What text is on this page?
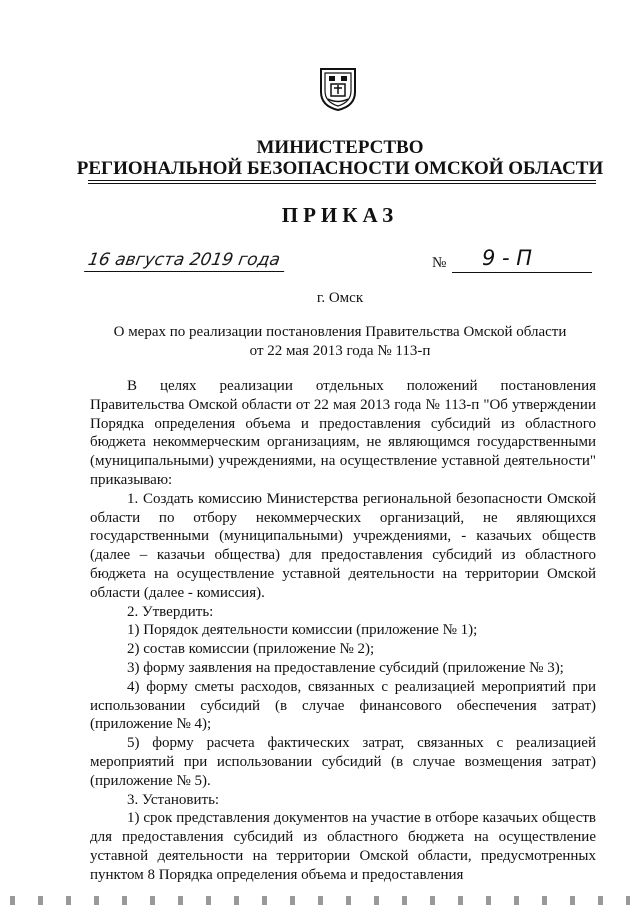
МИНИСТЕРСТВО
РЕГИОНАЛЬНОЙ БЕЗОПАСНОСТИ ОМСКОЙ ОБЛАСТИ
ПРИКАЗ
16 августа 2019 года	№	9 - П
г. Омск
О мерах по реализации постановления Правительства Омской области
от 22 мая 2013 года № 113-п

В целях реализации отдельных положений постановления Правительства Омской области от 22 мая 2013 года № 113-п "Об утверждении Порядка определения объема и предоставления субсидий из областного бюджета некоммерческим организациям, не являющимся государственными (муниципальными) учреждениями, на осуществление уставной деятельности" приказываю:

1. Создать комиссию Министерства региональной безопасности Омской области по отбору некоммерческих организаций, не являющихся государственными (муниципальными) учреждениями, - казачьих обществ (далее – казачьи общества) для предоставления субсидий из областного бюджета на осуществление уставной деятельности на территории Омской области (далее - комиссия).

2. Утвердить:

1) Порядок деятельности комиссии (приложение № 1);

2) состав комиссии (приложение № 2);

3) форму заявления на предоставление субсидий (приложение № 3);

4) форму сметы расходов, связанных с реализацией мероприятий при использовании субсидий (в случае финансового обеспечения затрат) (приложение № 4);

5) форму расчета фактических затрат, связанных с реализацией мероприятий при использовании субсидий (в случае возмещения затрат) (приложение № 5).

3. Установить:

1) срок представления документов на участие в отборе казачьих обществ для предоставления субсидий из областного бюджета на осуществление уставной деятельности на территории Омской области, предусмотренных пунктом 8 Порядка определения объема и предоставления
